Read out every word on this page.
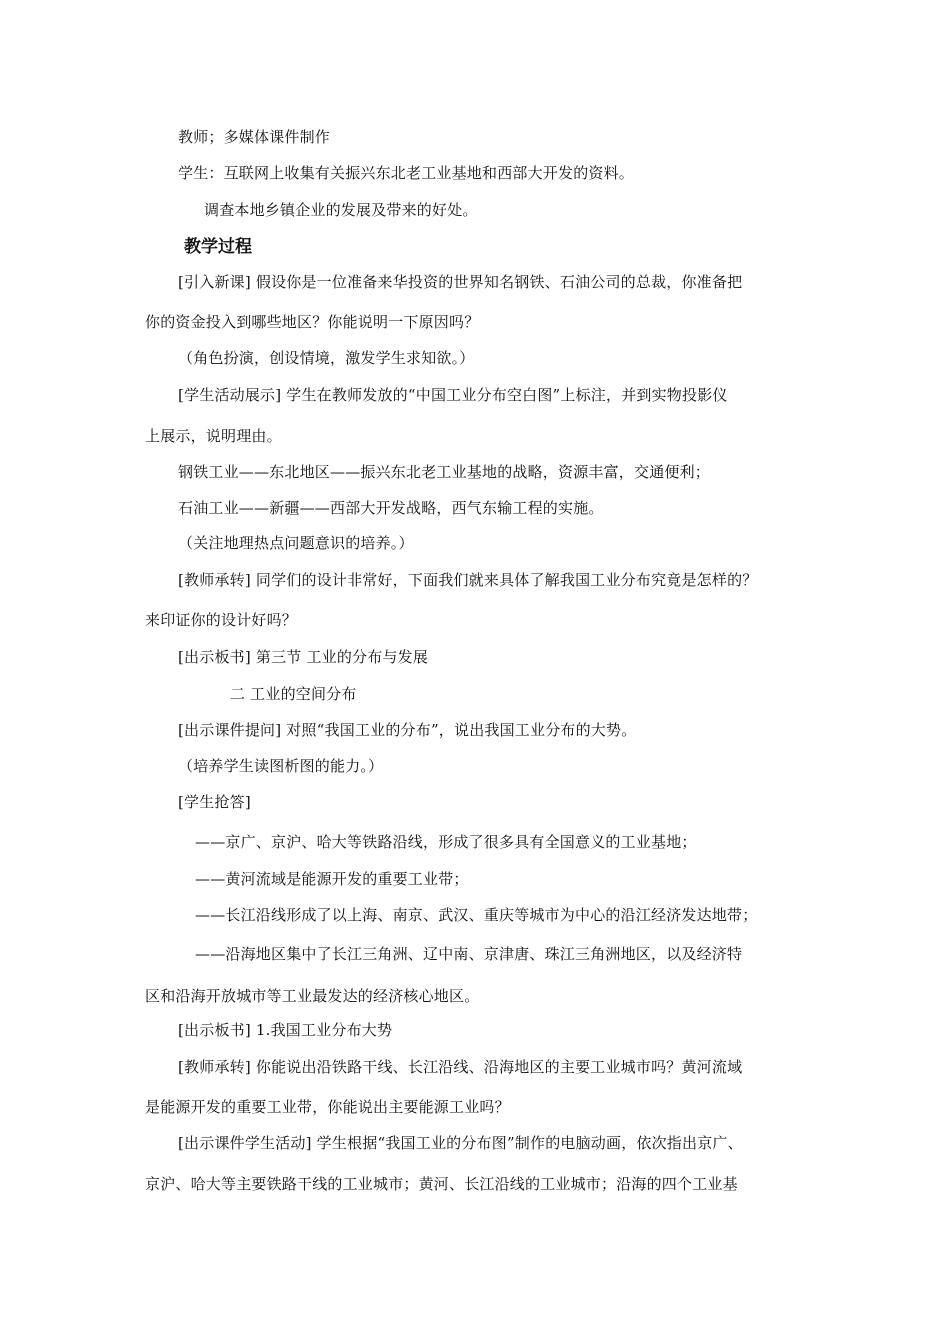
教师；多媒体课件制作
学生：互联网上收集有关振兴东北老工业基地和西部大开发的资料。
调查本地乡镇企业的发展及带来的好处。
教学过程
[引入新课] 假设你是一位准备来华投资的世界知名钢铁、石油公司的总裁，你准备把
你的资金投入到哪些地区？你能说明一下原因吗？
（角色扮演，创设情境，激发学生求知欲。）
[学生活动展示] 学生在教师发放的“中国工业分布空白图”上标注，并到实物投影仪
上展示，说明理由。
钢铁工业——东北地区——振兴东北老工业基地的战略，资源丰富，交通便利；
石油工业——新疆——西部大开发战略，西气东输工程的实施。
（关注地理热点问题意识的培养。）
[教师承转] 同学们的设计非常好，下面我们就来具体了解我国工业分布究竟是怎样的？
来印证你的设计好吗？
[出示板书] 第三节 工业的分布与发展
二 工业的空间分布
[出示课件提问] 对照“我国工业的分布”，说出我国工业分布的大势。
（培养学生读图析图的能力。）
[学生抢答]
——京广、京沪、哈大等铁路沿线，形成了很多具有全国意义的工业基地；
——黄河流域是能源开发的重要工业带；
——长江沿线形成了以上海、南京、武汉、重庆等城市为中心的沿江经济发达地带；
——沿海地区集中了长江三角洲、辽中南、京津唐、珠江三角洲地区，以及经济特
区和沿海开放城市等工业最发达的经济核心地区。
[出示板书] 1.我国工业分布大势
[教师承转] 你能说出沿铁路干线、长江沿线、沿海地区的主要工业城市吗？黄河流域
是能源开发的重要工业带，你能说出主要能源工业吗？
[出示课件学生活动] 学生根据“我国工业的分布图”制作的电脑动画，依次指出京广、
京沪、哈大等主要铁路干线的工业城市；黄河、长江沿线的工业城市；沿海的四个工业基
